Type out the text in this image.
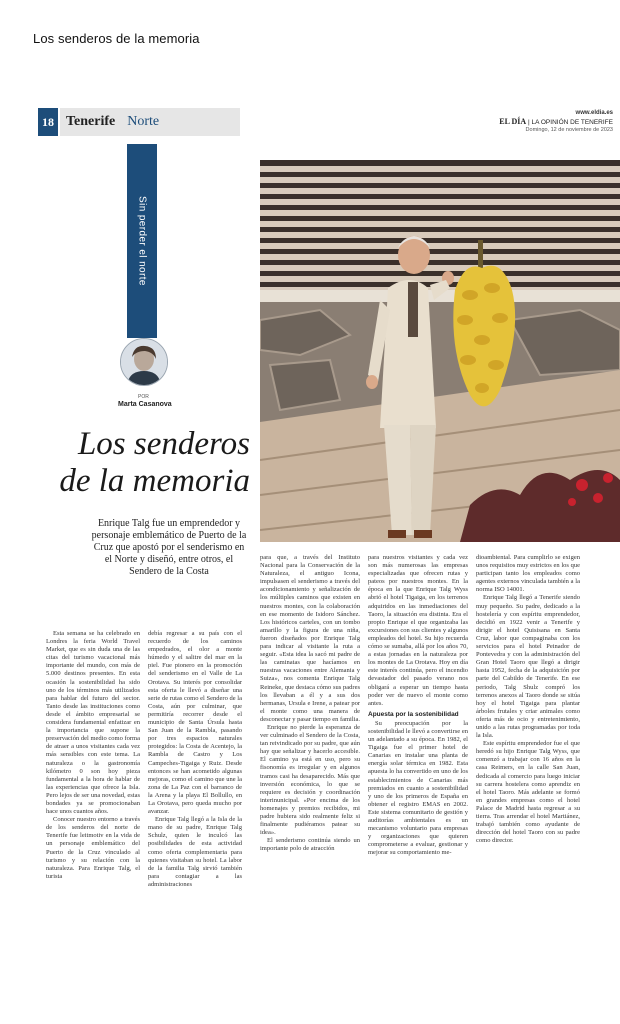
Los senderos de la memoria
18 Tenerife Norte
www.eldia.es
EL DÍA | LA OPINIÓN DE TENERIFE
Domingo, 12 de noviembre de 2023
Sin perder el norte
POR
Marta Casanova
Los senderos de la memoria
Enrique Talg fue un emprendedor y personaje emblemático de Puerto de la Cruz que apostó por el senderismo en el Norte y diseñó, entre otros, el Sendero de la Costa

Esta semana se ha celebrado en Londres la feria World Travel Market, que es sin duda una de las citas del turismo vacacional más importante del mundo, con más de 5.000 destinos presentes. En esta ocasión la sostenibilidad ha sido uno de los términos más utilizados para hablar del futuro del sector. Tanto desde las instituciones como desde el ámbito empresarial se considera fundamental enfatizar en la importancia que supone la preservación del medio como forma de atraer a unos visitantes cada vez más sensibles con este tema. La naturaleza o la gastronomía kilómetro 0 son hoy pieza fundamental a la hora de hablar de las experiencias que ofrece la Isla. Pero lejos de ser una novedad, estas bondades ya se promocionaban hace unos cuantos años.

Conocer nuestro entorno a través de los senderos del norte de Tenerife fue leitmotiv en la vida de un personaje emblemático del Puerto de la Cruz vinculado al turismo y su relación con la naturaleza. Para Enrique Talg, el turista

debía regresar a su país con el recuerdo de los caminos empedrados, el olor a monte húmedo y el salitre del mar en la piel. Fue pionero en la promoción del senderismo en el Valle de La Orotava. Su interés por consolidar esta oferta le llevó a diseñar una serie de rutas como el Sendero de la Costa, aún por culminar, que permitiría recorrer desde el municipio de Santa Úrsula hasta San Juan de la Rambla, pasando por tres espacios naturales protegidos: la Costa de Acentejo, la Rambla de Castro y Los Campeches-Tigaiga y Ruiz. Desde entonces se han acometido algunas mejoras, como el camino que une la zona de La Paz con el barranco de la Arena y la playa El Bollullo, en La Orotava, pero queda mucho por avanzar.

Enrique Talg llegó a la Isla de la mano de su padre, Enrique Talg Schulz, quien le inculcó las posibilidades de esta actividad como oferta complementaria para quienes visitaban su hotel. La labor de la familia Talg sirvió también para contagiar a las administraciones

para que, a través del Instituto Nacional para la Conservación de la Naturaleza, el antiguo Icona, impulsasen el senderismo a través del acondicionamiento y señalización de los múltiples caminos que existen en nuestros montes, con la colaboración en ese momento de Isidoro Sánchez. Los históricos carteles, con un tombo amarillo y la figura de una niña, fueron diseñados por Enrique Talg para indicar al visitante la ruta a seguir. «Esta idea la sacó mi padre de las caminatas que hacíamos en nuestras vacaciones entre Alemania y Suiza», nos comenta Enrique Talg Reineke, que destaca cómo sus padres los llevaban a él y a sus dos hermanas, Ursula e Irene, a patear por el monte como una manera de desconectar y pasar tiempo en familia.

Enrique no pierde la esperanza de ver culminado el Sendero de la Costa, tan reivindicado por su padre, que aún hay que señalizar y hacerlo accesible. El camino ya está en uso, pero su fisonomía es irregular y en algunos tramos casi ha desaparecido. Más que inversión económica, lo que se requiere es decisión y coordinación interinunicipal. «Por encima de los homenajes y premios recibidos, mi padre hubiera sido realmente feliz si finalmente pudiéramos patear su idea».

El senderismo continúa siendo un importante polo de atracción

para nuestros visitantes y cada vez son más numerosas las empresas especializadas que ofrecen rutas y pateos por nuestros montes. En la época en la que Enrique Talg Wyss abrió el hotel Tigaiga, en los terrenos adquiridos en las inmediaciones del Taoro, la situación era distinta. Era el propio Enrique el que organizaba las excursiones con sus clientes y algunos empleados del hotel. Su hijo recuerda cómo se sumaba, allá por los años 70, a estas jornadas en la naturaleza por los montes de La Orotava. Hoy en día este interés continúa, pero el incendio devastador del pasado verano nos obligará a esperar un tiempo hasta poder ver de nuevo el monte como antes.

Apuesta por la sostenibilidad

Su preocupación por la sostenibilidad le llevó a convertirse en un adelantado a su época. En 1982, el Tigaiga fue el primer hotel de Canarias en instalar una planta de energía solar térmica en 1982. Esta apuesta lo ha convertido en uno de los establecimientos de Canarias más premiados en cuanto a sostenibilidad y uno de los primeros de España en obtener el registro EMAS en 2002. Este sistema comunitario de gestión y auditorías ambientales es un mecanismo voluntario para empresas y organizaciones que quieren comprometerse a evaluar, gestionar y mejorar su comportamiento me-

dioambiental. Para cumplirlo se exigen unos requisitos muy estrictos en los que participan tanto los empleados como agentes externos vinculada también a la norma ISO 14001.

Enrique Talg llegó a Tenerife siendo muy pequeño. Su padre, dedicado a la hostelería y con espíritu emprendedor, decidió en 1922 venir a Tenerife y dirigir el hotel Quisisana en Santa Cruz, labor que compaginaba con los servicios para el hotel Peinador de Pontevedra y con la administración del Gran Hotel Taoro que llegó a dirigir hasta 1952, fecha de la adquisición por parte del Cabildo de Tenerife. En ese periodo, Talg Shulz compró los terrenos anexos al Taoro donde se sitúa hoy el hotel Tigaiga para plantar árboles frutales y criar animales como oferta más de ocio y entretenimiento, unido a las rutas programadas por toda la Isla.

Este espíritu emprendedor fue el que heredó su hijo Enrique Talg Wyss, que comenzó a trabajar con 16 años en la casa Reimers, en la calle San Juan, dedicada al comercio para luego iniciar su carrera hostelera como aprendiz en el hotel Taoro. Más adelante se formó en grandes empresas como el hotel Palace de Madrid hasta regresar a su tierra. Tras arrendar el hotel Martiánez, trabajó también como ayudante de dirección del hotel Taoro con su padre como director.
